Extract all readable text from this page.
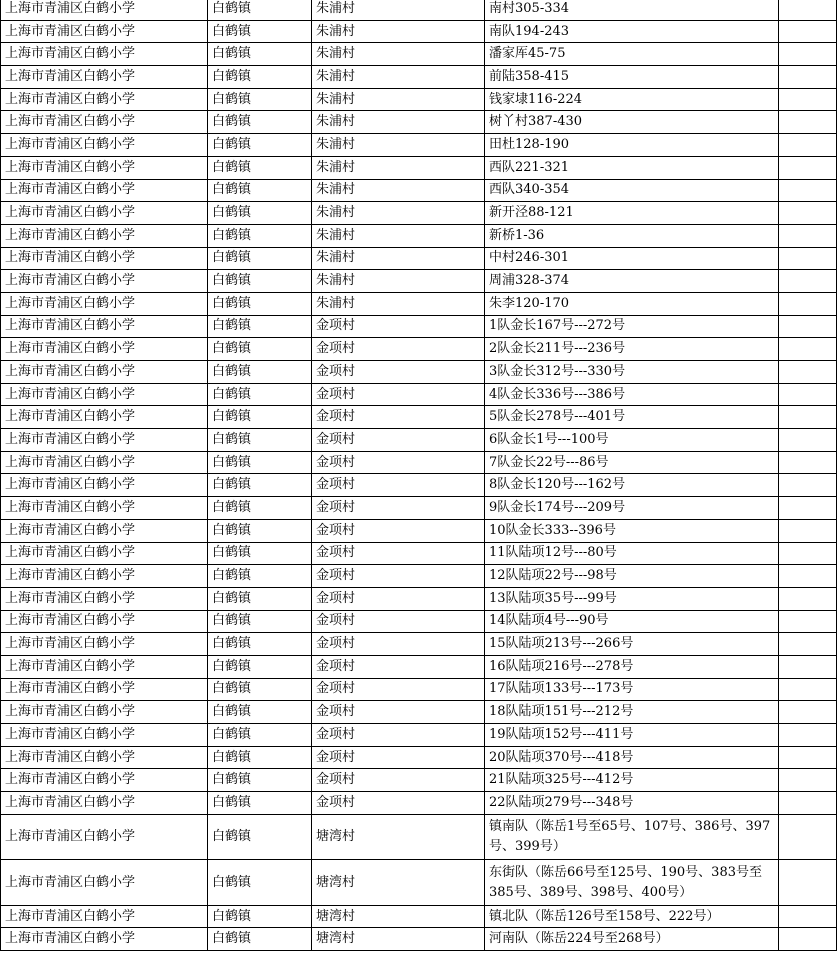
上海市青浦区白鹤小学	白鹤镇	朱浦村	南村305-334	
上海市青浦区白鹤小学	白鹤镇	朱浦村	南队194-243	
上海市青浦区白鹤小学	白鹤镇	朱浦村	潘家厍45-75	
上海市青浦区白鹤小学	白鹤镇	朱浦村	前陆358-415	
上海市青浦区白鹤小学	白鹤镇	朱浦村	钱家埭116-224	
上海市青浦区白鹤小学	白鹤镇	朱浦村	树丫村387-430	
上海市青浦区白鹤小学	白鹤镇	朱浦村	田杜128-190	
上海市青浦区白鹤小学	白鹤镇	朱浦村	西队221-321	
上海市青浦区白鹤小学	白鹤镇	朱浦村	西队340-354	
上海市青浦区白鹤小学	白鹤镇	朱浦村	新开泾88-121	
上海市青浦区白鹤小学	白鹤镇	朱浦村	新桥1-36	
上海市青浦区白鹤小学	白鹤镇	朱浦村	中村246-301	
上海市青浦区白鹤小学	白鹤镇	朱浦村	周浦328-374	
上海市青浦区白鹤小学	白鹤镇	朱浦村	朱李120-170	
上海市青浦区白鹤小学	白鹤镇	金项村	1队金长167号---272号	
上海市青浦区白鹤小学	白鹤镇	金项村	2队金长211号---236号	
上海市青浦区白鹤小学	白鹤镇	金项村	3队金长312号---330号	
上海市青浦区白鹤小学	白鹤镇	金项村	4队金长336号---386号	
上海市青浦区白鹤小学	白鹤镇	金项村	5队金长278号---401号	
上海市青浦区白鹤小学	白鹤镇	金项村	6队金长1号---100号	
上海市青浦区白鹤小学	白鹤镇	金项村	7队金长22号---86号	
上海市青浦区白鹤小学	白鹤镇	金项村	8队金长120号---162号	
上海市青浦区白鹤小学	白鹤镇	金项村	9队金长174号---209号	
上海市青浦区白鹤小学	白鹤镇	金项村	10队金长333--396号	
上海市青浦区白鹤小学	白鹤镇	金项村	11队陆项12号---80号	
上海市青浦区白鹤小学	白鹤镇	金项村	12队陆项22号---98号	
上海市青浦区白鹤小学	白鹤镇	金项村	13队陆项35号---99号	
上海市青浦区白鹤小学	白鹤镇	金项村	14队陆项4号---90号	
上海市青浦区白鹤小学	白鹤镇	金项村	15队陆项213号---266号	
上海市青浦区白鹤小学	白鹤镇	金项村	16队陆项216号---278号	
上海市青浦区白鹤小学	白鹤镇	金项村	17队陆项133号---173号	
上海市青浦区白鹤小学	白鹤镇	金项村	18队陆项151号---212号	
上海市青浦区白鹤小学	白鹤镇	金项村	19队陆项152号---411号	
上海市青浦区白鹤小学	白鹤镇	金项村	20队陆项370号---418号	
上海市青浦区白鹤小学	白鹤镇	金项村	21队陆项325号---412号	
上海市青浦区白鹤小学	白鹤镇	金项村	22队陆项279号---348号	
上海市青浦区白鹤小学	白鹤镇	塘湾村	镇南队（陈岳1号至65号、107号、386号、397号、399号）	
上海市青浦区白鹤小学	白鹤镇	塘湾村	东街队（陈岳66号至125号、190号、383号至385号、389号、398号、400号）	
上海市青浦区白鹤小学	白鹤镇	塘湾村	镇北队（陈岳126号至158号、222号）	
上海市青浦区白鹤小学	白鹤镇	塘湾村	河南队（陈岳224号至268号）	
